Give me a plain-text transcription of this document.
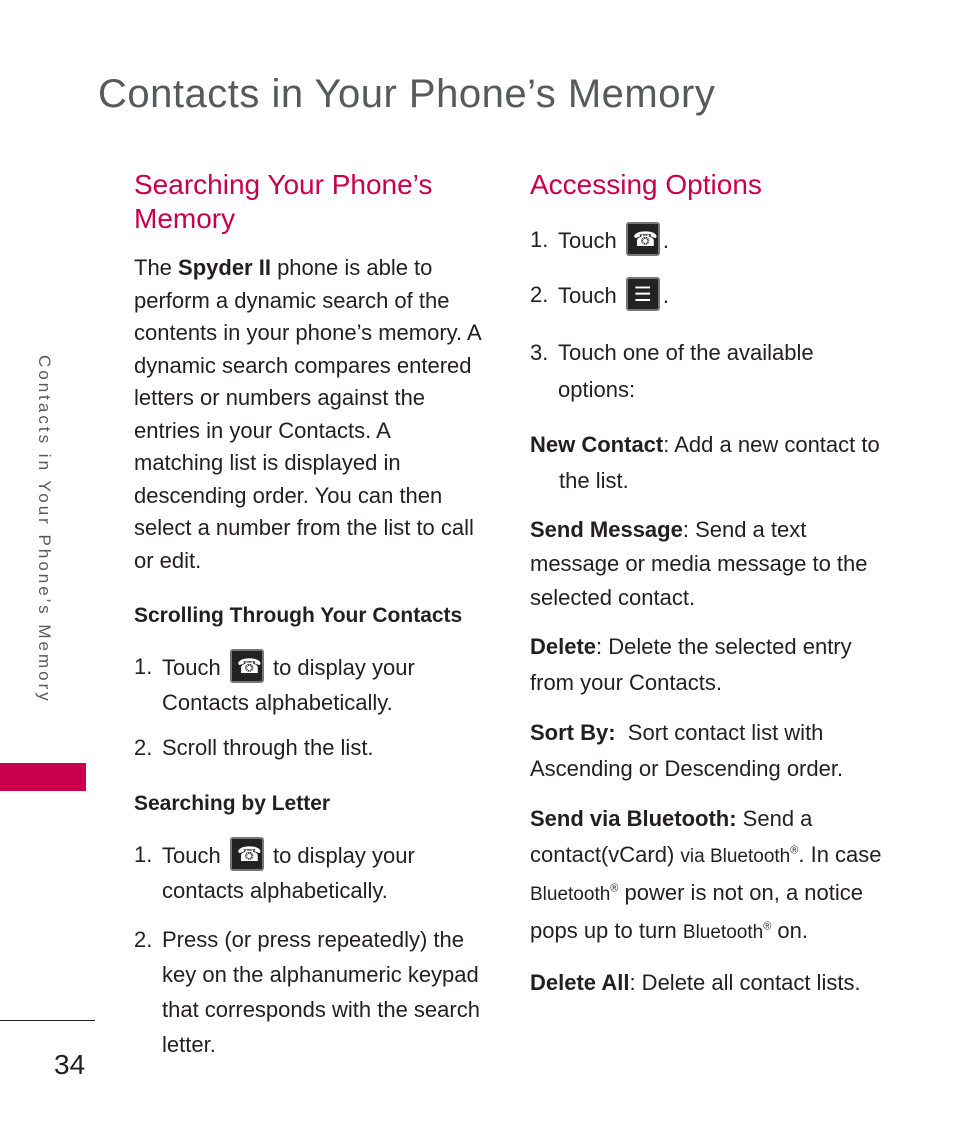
Contacts in Your Phone’s Memory
Contacts in Your Phone’s Memory
34
Searching Your Phone’s Memory

The Spyder II phone is able to perform a dynamic search of the contents in your phone’s memory. A dynamic search compares entered letters or numbers against the entries in your Contacts. A matching list is displayed in descending order. You can then select a number from the list to call or edit.

Scrolling Through Your Contacts
1. Touch ☎ to display your Contacts alphabetically.
2. Scroll through the list.
Searching by Letter
1. Touch ☎ to display your contacts alphabetically.
2. Press (or press repeatedly) the key on the alphanumeric keypad that corresponds with the search letter.
Accessing Options
1. Touch ☎ .
2. Touch ☰ .
3. Touch one of the available options:

New Contact: Add a new contact to the list.

Send Message: Send a text message or media message to the selected contact.

Delete: Delete the selected entry from your Contacts.

Sort By:  Sort contact list with Ascending or Descending order.

Send via Bluetooth: Send a contact(vCard) via Bluetooth®. In case Bluetooth® power is not on, a notice pops up to turn Bluetooth® on.

Delete All: Delete all contact lists.
